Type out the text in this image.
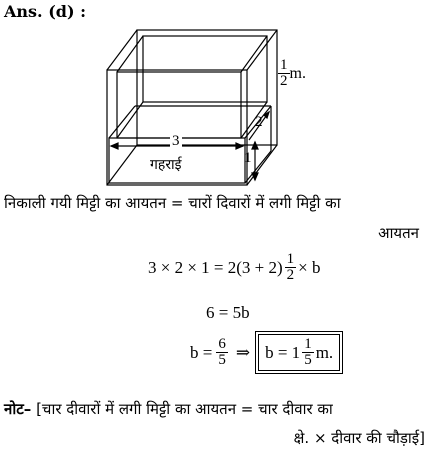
Ans. (d) :
3
2
1
गहराई
$\frac{1}{2} m$.
निकाली गयी मिट्टी का आयतन = चारों दिवारों में लगी मिट्टी का
आयतन
$3 \times 2 \times 1 = 2(3 + 2) \frac{1}{2} \times b$
6 = 5b
$b = \frac{6}{5}$ ⇒ $b = 1 \frac{1}{5} m$.
नोट– [चार दीवारों में लगी मिट्टी का आयतन = चार दीवार का
क्षे. × दीवार की चौड़ाई]
